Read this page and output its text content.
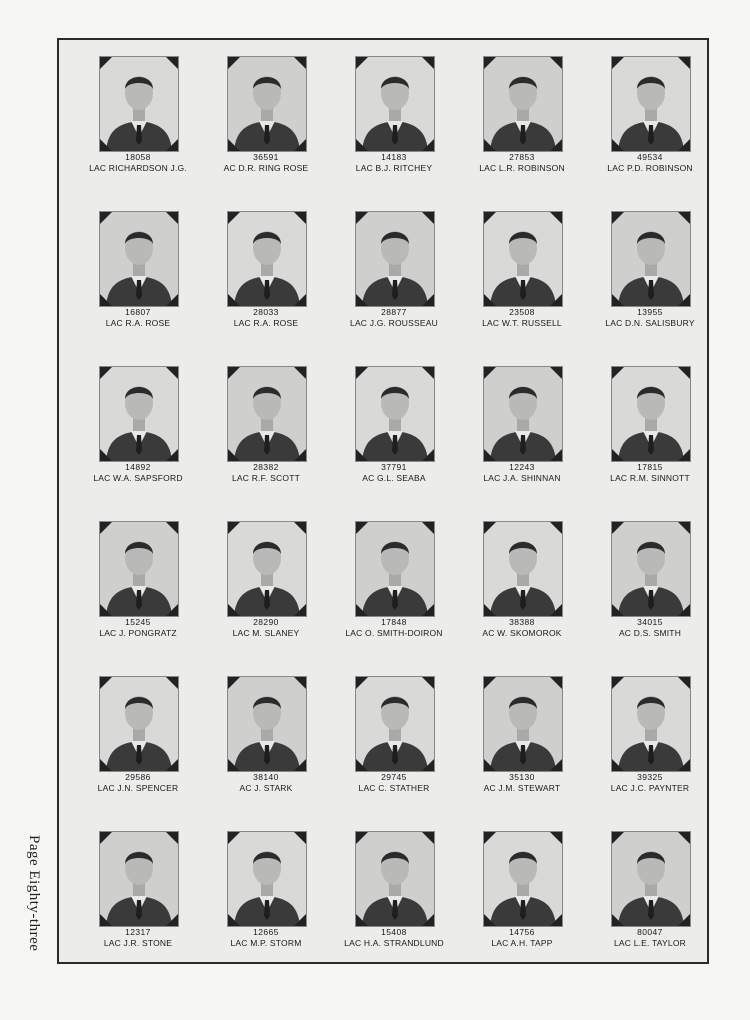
Page Eighty-three
18058
LAC RICHARDSON J.G.
36591
AC D.R. RING ROSE
14183
LAC B.J. RITCHEY
27853
LAC L.R. ROBINSON
49534
LAC P.D. ROBINSON
16807
LAC R.A. ROSE
28033
LAC R.A. ROSE
28877
LAC J.G. ROUSSEAU
23508
LAC W.T. RUSSELL
13955
LAC D.N. SALISBURY
14892
LAC W.A. SAPSFORD
28382
LAC R.F. SCOTT
37791
AC G.L. SEABA
12243
LAC J.A. SHINNAN
17815
LAC R.M. SINNOTT
15245
LAC J. PONGRATZ
28290
LAC M. SLANEY
17848
LAC O. SMITH-DOIRON
38388
AC W. SKOMOROK
34015
AC D.S. SMITH
29586
LAC J.N. SPENCER
38140
AC J. STARK
29745
LAC C. STATHER
35130
AC J.M. STEWART
39325
LAC J.C. PAYNTER
12317
LAC J.R. STONE
12665
LAC M.P. STORM
15408
LAC H.A. STRANDLUND
14756
LAC A.H. TAPP
80047
LAC L.E. TAYLOR
